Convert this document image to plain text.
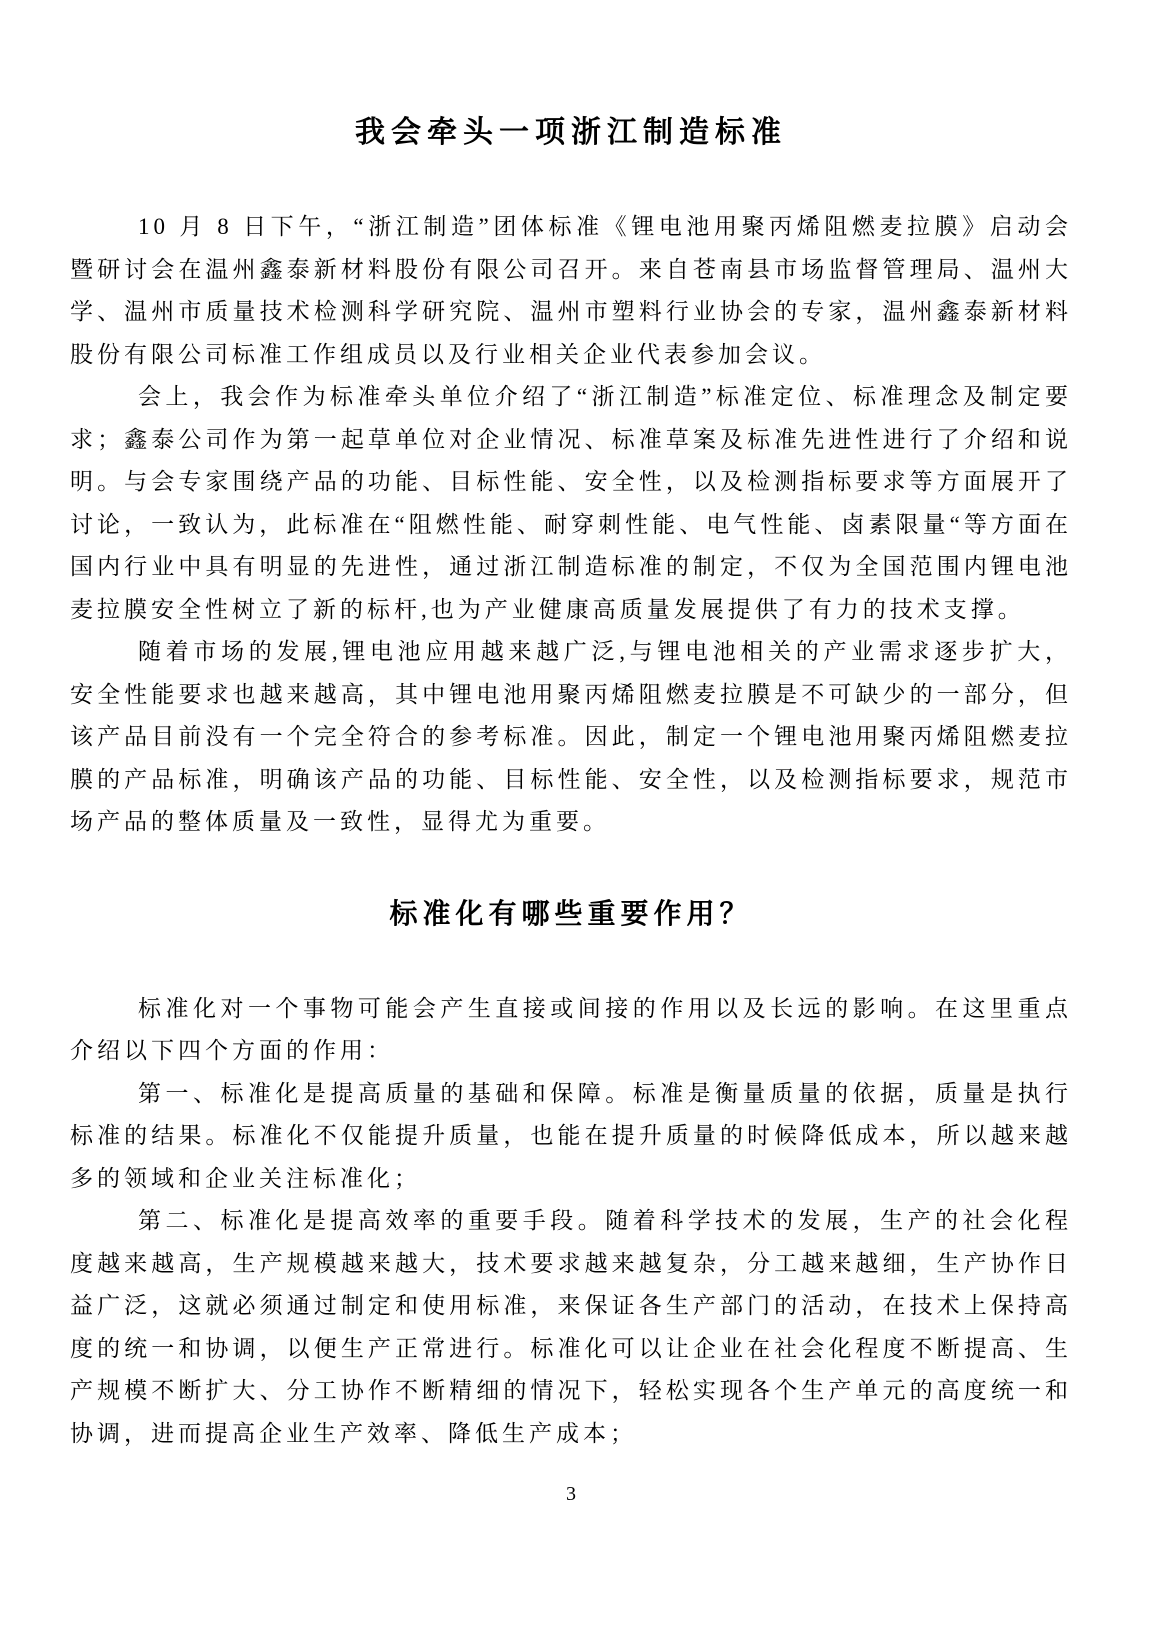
我会牵头一项浙江制造标准

10 月 8 日下午，“浙江制造”团体标准《锂电池用聚丙烯阻燃麦拉膜》启动会暨研讨会在温州鑫泰新材料股份有限公司召开。来自苍南县市场监督管理局、温州大学、温州市质量技术检测科学研究院、温州市塑料行业协会的专家，温州鑫泰新材料股份有限公司标准工作组成员以及行业相关企业代表参加会议。

会上，我会作为标准牵头单位介绍了“浙江制造”标准定位、标准理念及制定要求；鑫泰公司作为第一起草单位对企业情况、标准草案及标准先进性进行了介绍和说明。与会专家围绕产品的功能、目标性能、安全性，以及检测指标要求等方面展开了讨论，一致认为，此标准在“阻燃性能、耐穿刺性能、电气性能、卤素限量“等方面在国内行业中具有明显的先进性，通过浙江制造标准的制定，不仅为全国范围内锂电池麦拉膜安全性树立了新的标杆,也为产业健康高质量发展提供了有力的技术支撑。

随着市场的发展,锂电池应用越来越广泛,与锂电池相关的产业需求逐步扩大，安全性能要求也越来越高，其中锂电池用聚丙烯阻燃麦拉膜是不可缺少的一部分，但该产品目前没有一个完全符合的参考标准。因此，制定一个锂电池用聚丙烯阻燃麦拉膜的产品标准，明确该产品的功能、目标性能、安全性，以及检测指标要求，规范市场产品的整体质量及一致性，显得尤为重要。

标准化有哪些重要作用？

标准化对一个事物可能会产生直接或间接的作用以及长远的影响。在这里重点介绍以下四个方面的作用：

第一、标准化是提高质量的基础和保障。标准是衡量质量的依据，质量是执行标准的结果。标准化不仅能提升质量，也能在提升质量的时候降低成本，所以越来越多的领域和企业关注标准化；

第二、标准化是提高效率的重要手段。随着科学技术的发展，生产的社会化程度越来越高，生产规模越来越大，技术要求越来越复杂，分工越来越细，生产协作日益广泛，这就必须通过制定和使用标准，来保证各生产部门的活动，在技术上保持高度的统一和协调，以便生产正常进行。标准化可以让企业在社会化程度不断提高、生产规模不断扩大、分工协作不断精细的情况下，轻松实现各个生产单元的高度统一和协调，进而提高企业生产效率、降低生产成本；

3
